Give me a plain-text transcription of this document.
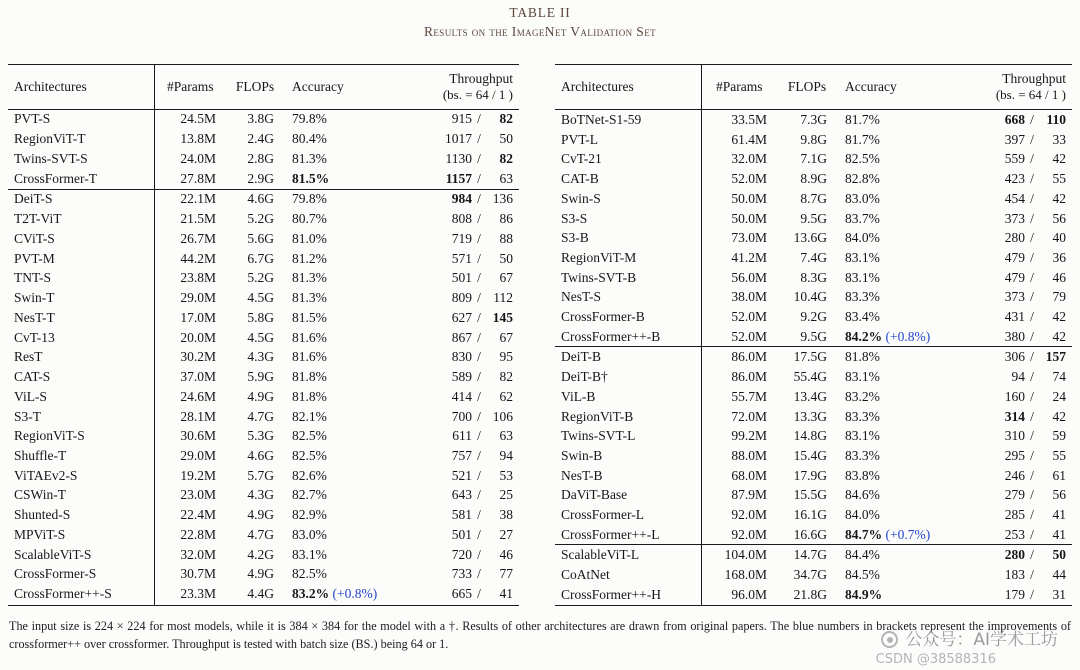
TABLE II
Results on the ImageNet Validation Set
Architectures	#Params	FLOPs	Accuracy	Throughput
(bs. = 64 / 1 )

PVT-S	24.5M	3.8G	79.8%	915 / 82
RegionViT-T	13.8M	2.4G	80.4%	1017 / 50
Twins-SVT-S	24.0M	2.8G	81.3%	1130 / 82
CrossFormer-T	27.8M	2.9G	81.5%	1157 / 63
DeiT-S	22.1M	4.6G	79.8%	984 / 136
T2T-ViT	21.5M	5.2G	80.7%	808 / 86
CViT-S	26.7M	5.6G	81.0%	719 / 88
PVT-M	44.2M	6.7G	81.2%	571 / 50
TNT-S	23.8M	5.2G	81.3%	501 / 67
Swin-T	29.0M	4.5G	81.3%	809 / 112
NesT-T	17.0M	5.8G	81.5%	627 / 145
CvT-13	20.0M	4.5G	81.6%	867 / 67
ResT	30.2M	4.3G	81.6%	830 / 95
CAT-S	37.0M	5.9G	81.8%	589 / 82
ViL-S	24.6M	4.9G	81.8%	414 / 62
S3-T	28.1M	4.7G	82.1%	700 / 106
RegionViT-S	30.6M	5.3G	82.5%	611 / 63
Shuffle-T	29.0M	4.6G	82.5%	757 / 94
ViTAEv2-S	19.2M	5.7G	82.6%	521 / 53
CSWin-T	23.0M	4.3G	82.7%	643 / 25
Shunted-S	22.4M	4.9G	82.9%	581 / 38
MPViT-S	22.8M	4.7G	83.0%	501 / 27
ScalableViT-S	32.0M	4.2G	83.1%	720 / 46
CrossFormer-S	30.7M	4.9G	82.5%	733 / 77
CrossFormer++-S	23.3M	4.4G	83.2% (+0.8%)	665 / 41
Architectures	#Params	FLOPs	Accuracy	Throughput
(bs. = 64 / 1 )

BoTNet-S1-59	33.5M	7.3G	81.7%	668 / 110
PVT-L	61.4M	9.8G	81.7%	397 / 33
CvT-21	32.0M	7.1G	82.5%	559 / 42
CAT-B	52.0M	8.9G	82.8%	423 / 55
Swin-S	50.0M	8.7G	83.0%	454 / 42
S3-S	50.0M	9.5G	83.7%	373 / 56
S3-B	73.0M	13.6G	84.0%	280 / 40
RegionViT-M	41.2M	7.4G	83.1%	479 / 36
Twins-SVT-B	56.0M	8.3G	83.1%	479 / 46
NesT-S	38.0M	10.4G	83.3%	373 / 79
CrossFormer-B	52.0M	9.2G	83.4%	431 / 42
CrossFormer++-B	52.0M	9.5G	84.2% (+0.8%)	380 / 42
DeiT-B	86.0M	17.5G	81.8%	306 / 157
DeiT-B†	86.0M	55.4G	83.1%	94 / 74
ViL-B	55.7M	13.4G	83.2%	160 / 24
RegionViT-B	72.0M	13.3G	83.3%	314 / 42
Twins-SVT-L	99.2M	14.8G	83.1%	310 / 59
Swin-B	88.0M	15.4G	83.3%	295 / 55
NesT-B	68.0M	17.9G	83.8%	246 / 61
DaViT-Base	87.9M	15.5G	84.6%	279 / 56
CrossFormer-L	92.0M	16.1G	84.0%	285 / 41
CrossFormer++-L	92.0M	16.6G	84.7% (+0.7%)	253 / 41
ScalableViT-L	104.0M	14.7G	84.4%	280 / 50
CoAtNet	168.0M	34.7G	84.5%	183 / 44
CrossFormer++-H	96.0M	21.8G	84.9%	179 / 31
The input size is 224 × 224 for most models, while it is 384 × 384 for the model with a †. Results of other architectures are drawn from original papers. The blue numbers in brackets represent the improvements of crossformer++ over crossformer. Throughput is tested with batch size (BS.) being 64 or 1.	公众号：AI学术工坊
CSDN @38588316
